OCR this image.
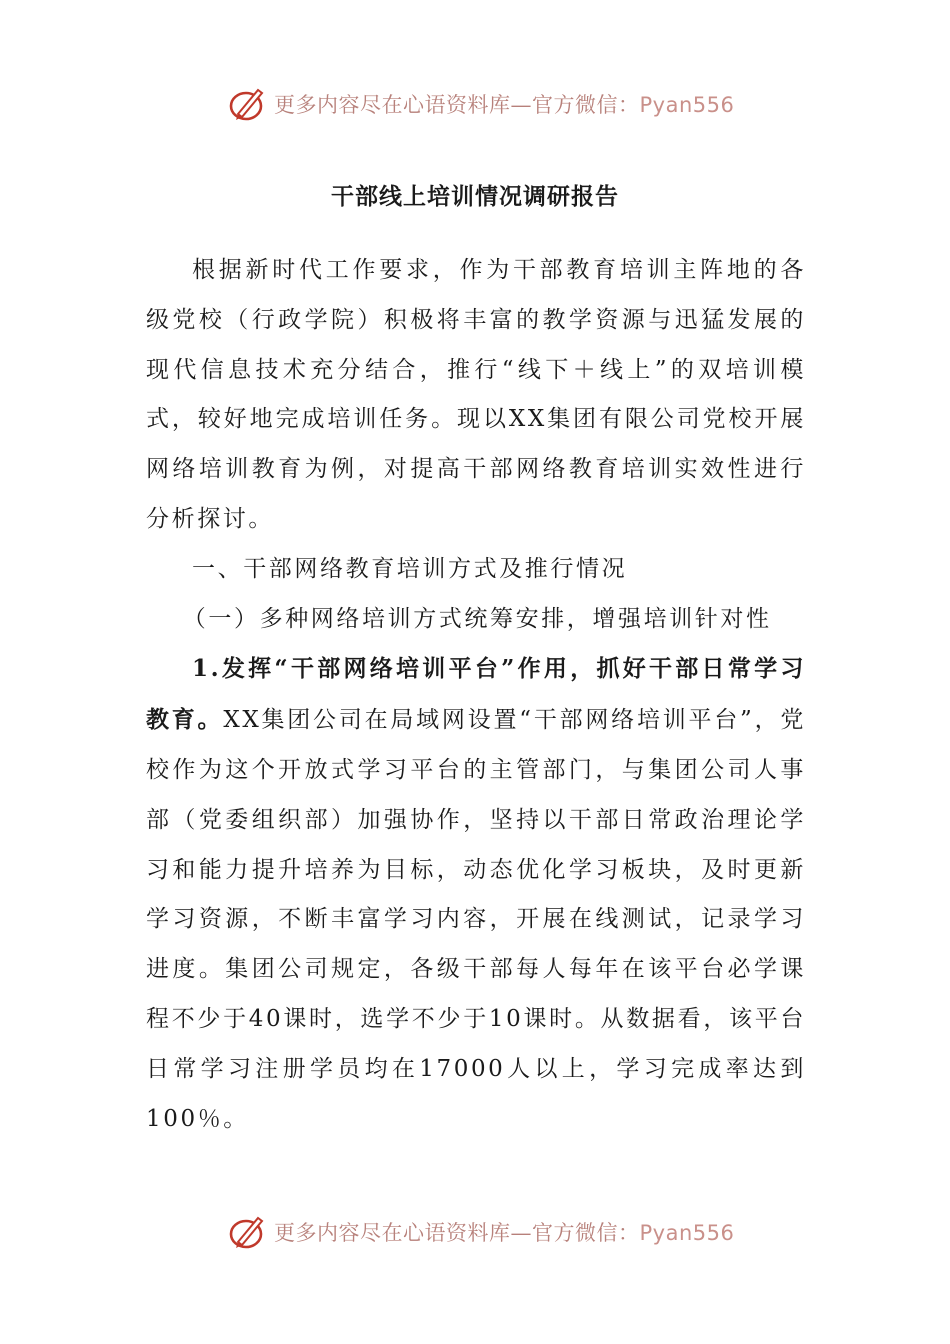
更多内容尽在心语资料库—官方微信：Pyan556
干部线上培训情况调研报告

根据新时代工作要求，作为干部教育培训主阵地的各级党校（行政学院）积极将丰富的教学资源与迅猛发展的现代信息技术充分结合，推行“线下＋线上”的双培训模式，较好地完成培训任务。现以XX集团有限公司党校开展网络培训教育为例，对提高干部网络教育培训实效性进行分析探讨。

一、干部网络教育培训方式及推行情况

（一）多种网络培训方式统筹安排，增强培训针对性

1.发挥“干部网络培训平台”作用，抓好干部日常学习教育。XX集团公司在局域网设置“干部网络培训平台”，党校作为这个开放式学习平台的主管部门，与集团公司人事部（党委组织部）加强协作，坚持以干部日常政治理论学习和能力提升培养为目标，动态优化学习板块，及时更新学习资源，不断丰富学习内容，开展在线测试，记录学习进度。集团公司规定，各级干部每人每年在该平台必学课程不少于40课时，选学不少于10课时。从数据看，该平台日常学习注册学员均在17000人以上，学习完成率达到100％。

更多内容尽在心语资料库—官方微信：Pyan556
